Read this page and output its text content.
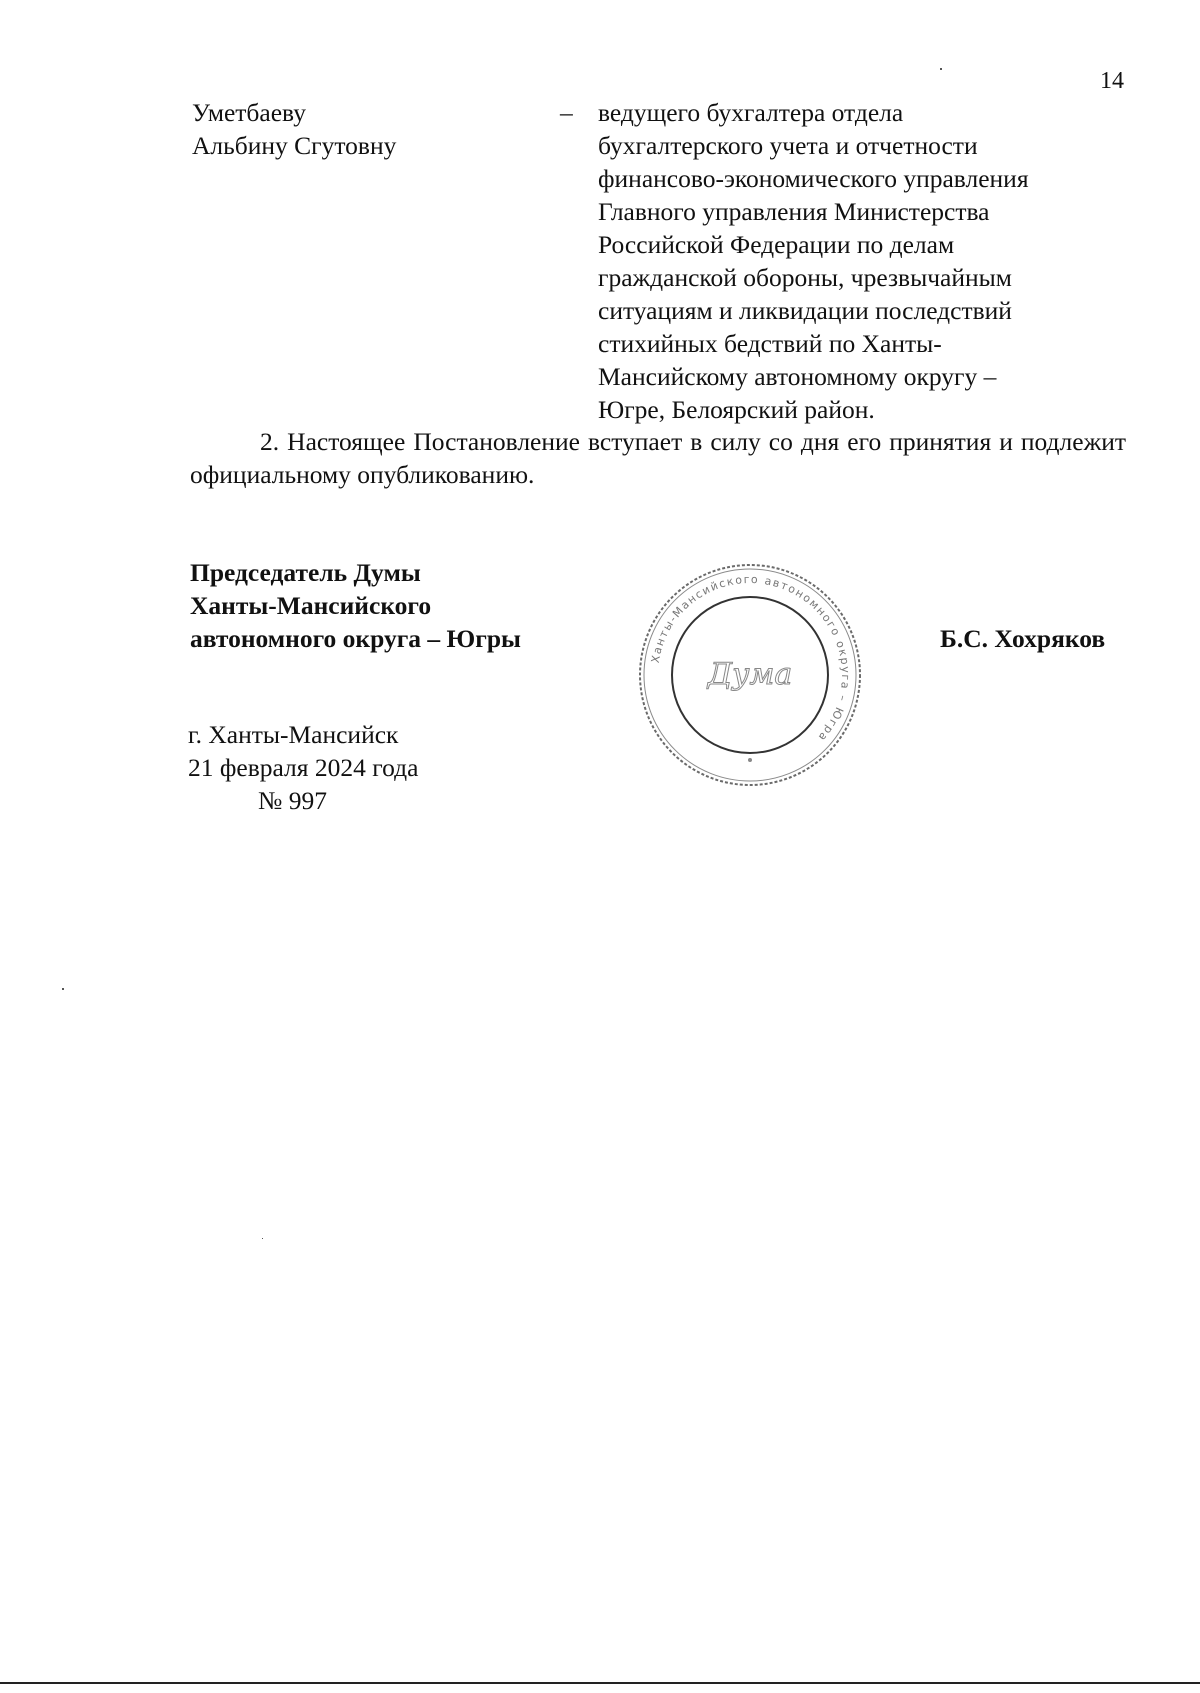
14
Уметбаеву
Альбину Сгутовну
– ведущего бухгалтера отдела
бухгалтерского учета и отчетности
финансово-экономического управления
Главного управления Министерства
Российской Федерации по делам
гражданской обороны, чрезвычайным
ситуациям и ликвидации последствий
стихийных бедствий по Ханты-
Мансийскому автономному округу –
Югре, Белоярский район.
2. Настоящее Постановление вступает в силу со дня его принятия и подлежит официальному опубликованию.
Председатель Думы
Ханты-Мансийского
автономного округа – Югры
Ханты-Мансийского автономного округа – Югра
Дума
Б.С. Хохряков
г. Ханты-Мансийск
21 февраля 2024 года
№ 997
